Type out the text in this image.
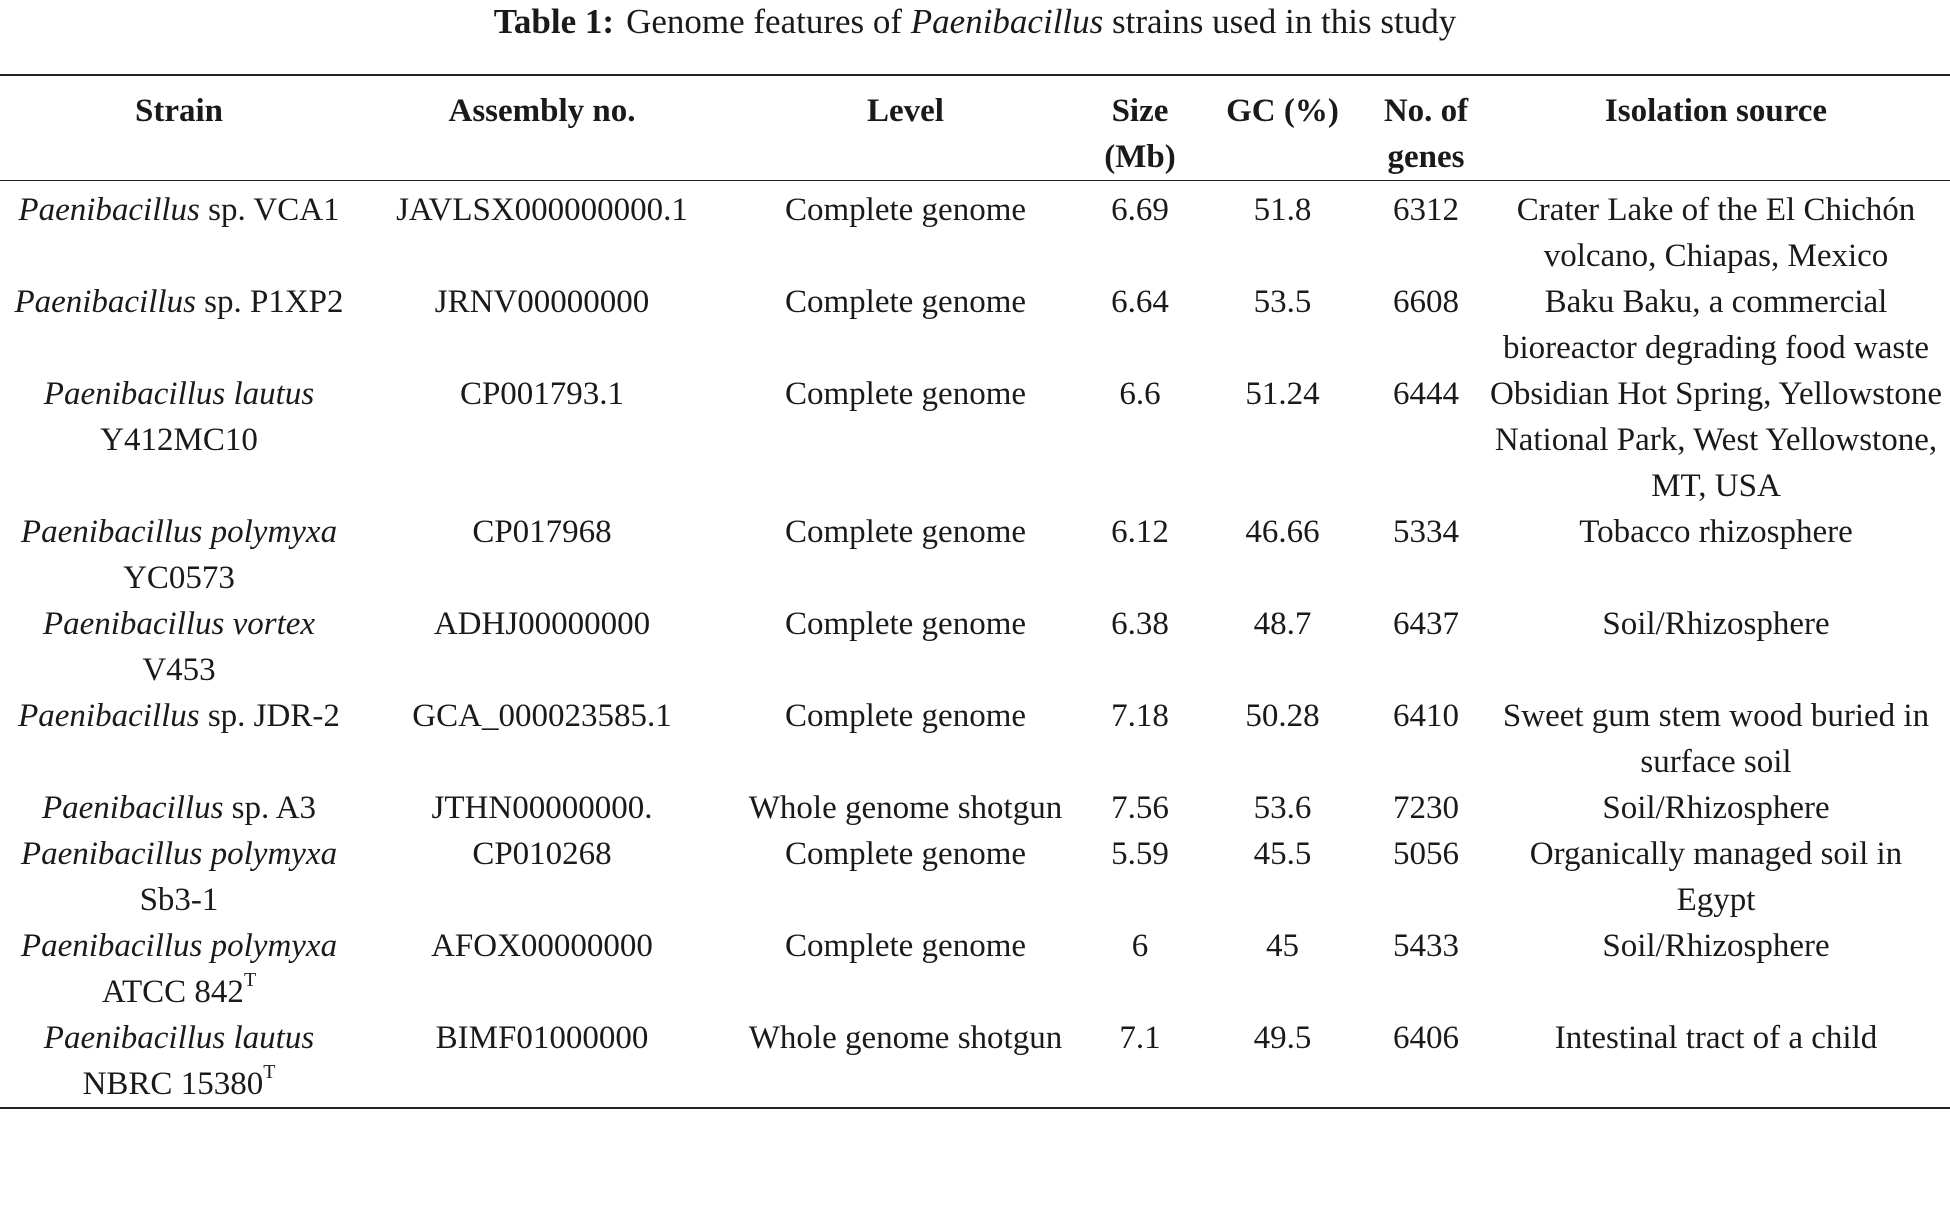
Table 1: Genome features of Paenibacillus strains used in this study
Strain	Assembly no.	Level	Size (Mb)	GC (%)	No. of genes	Isolation source
Paenibacillus sp. VCA1	JAVLSX000000000.1	Complete genome	6.69	51.8	6312	Crater Lake of the El Chichón volcano, Chiapas, Mexico
Paenibacillus sp. P1XP2	JRNV00000000	Complete genome	6.64	53.5	6608	Baku Baku, a commercial bioreactor degrading food waste
Paenibacillus lautus Y412MC10	CP001793.1	Complete genome	6.6	51.24	6444	Obsidian Hot Spring, Yellowstone National Park, West Yellowstone, MT, USA
Paenibacillus polymyxa YC0573	CP017968	Complete genome	6.12	46.66	5334	Tobacco rhizosphere
Paenibacillus vortex V453	ADHJ00000000	Complete genome	6.38	48.7	6437	Soil/Rhizosphere
Paenibacillus sp. JDR-2	GCA_000023585.1	Complete genome	7.18	50.28	6410	Sweet gum stem wood buried in surface soil
Paenibacillus sp. A3	JTHN00000000.	Whole genome shotgun	7.56	53.6	7230	Soil/Rhizosphere
Paenibacillus polymyxa Sb3-1	CP010268	Complete genome	5.59	45.5	5056	Organically managed soil in Egypt
Paenibacillus polymyxa ATCC $842^T$	AFOX00000000	Complete genome	6	45	5433	Soil/Rhizosphere
Paenibacillus lautus NBRC $15380^T$	BIMF01000000	Whole genome shotgun	7.1	49.5	6406	Intestinal tract of a child
